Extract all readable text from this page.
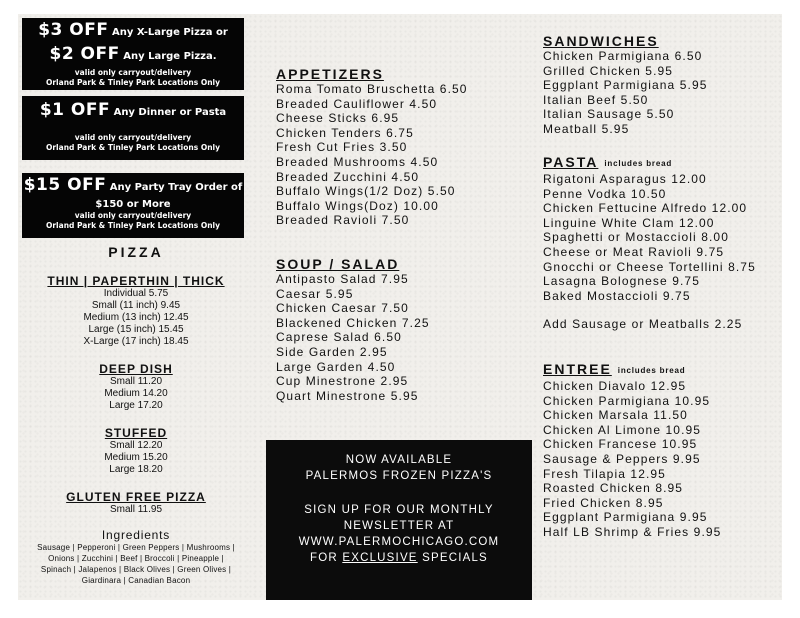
$3 OFF Any X-Large Pizza or
$2 OFF Any Large Pizza.
valid only carryout/delivery
Orland Park & Tinley Park Locations Only
$1 OFF Any Dinner or Pasta
valid only carryout/delivery
Orland Park & Tinley Park Locations Only
$15 OFF Any Party Tray Order of
$150 or More
valid only carryout/delivery
Orland Park & Tinley Park Locations Only
PIZZA
THIN | PAPERTHIN | THICK
Individual 5.75
Small (11 inch) 9.45
Medium (13 inch) 12.45
Large (15 inch) 15.45
X-Large (17 inch) 18.45
DEEP DISH
Small 11.20
Medium 14.20
Large 17.20
STUFFED
Small 12.20
Medium 15.20
Large 18.20
GLUTEN FREE PIZZA
Small 11.95
Ingredients
Sausage | Pepperoni | Green Peppers | Mushrooms |
Onions | Zucchini | Beef | Broccoli | Pineapple |
Spinach | Jalapenos | Black Olives | Green Olives |
Giardinara | Canadian Bacon
APPETIZERS
Roma Tomato Bruschetta 6.50
Breaded Cauliflower 4.50
Cheese Sticks 6.95
Chicken Tenders 6.75
Fresh Cut Fries 3.50
Breaded Mushrooms 4.50
Breaded Zucchini 4.50
Buffalo Wings(1/2 Doz) 5.50
Buffalo Wings(Doz) 10.00
Breaded Ravioli 7.50
SOUP / SALAD
Antipasto Salad 7.95
Caesar 5.95
Chicken Caesar 7.50
Blackened Chicken 7.25
Caprese Salad 6.50
Side Garden 2.95
Large Garden 4.50
Cup Minestrone 2.95
Quart Minestrone 5.95
NOW AVAILABLE
PALERMOS FROZEN PIZZA'S
SIGN UP FOR OUR MONTHLY
NEWSLETTER AT
WWW.PALERMOCHICAGO.COM
FOR EXCLUSIVE SPECIALS
SANDWICHES
Chicken Parmigiana 6.50
Grilled Chicken 5.95
Eggplant Parmigiana 5.95
Italian Beef 5.50
Italian Sausage 5.50
Meatball 5.95
PASTA includes bread
Rigatoni Asparagus 12.00
Penne Vodka 10.50
Chicken Fettucine Alfredo 12.00
Linguine White Clam 12.00
Spaghetti or Mostaccioli 8.00
Cheese or Meat Ravioli 9.75
Gnocchi or Cheese Tortellini 8.75
Lasagna Bolognese 9.75
Baked Mostaccioli 9.75
Add Sausage or Meatballs 2.25
ENTREE includes bread
Chicken Diavalo 12.95
Chicken Parmigiana 10.95
Chicken Marsala 11.50
Chicken Al Limone 10.95
Chicken Francese 10.95
Sausage & Peppers 9.95
Fresh Tilapia 12.95
Roasted Chicken 8.95
Fried Chicken 8.95
Eggplant Parmigiana 9.95
Half LB Shrimp & Fries 9.95
